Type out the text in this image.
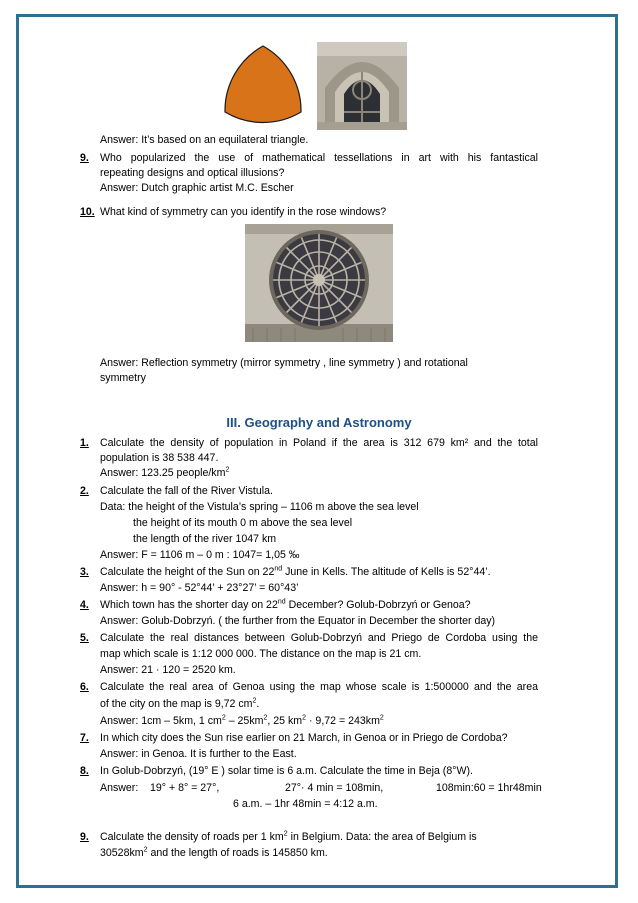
Answer: It’s based on an equilateral triangle.
9. Who popularized the use of mathematical tessellations in art with his fantastical
repeating designs and optical illusions?
Answer: Dutch graphic artist M.C. Escher
10. What kind of symmetry can you identify in the rose windows?
Answer: Reflection symmetry (mirror symmetry , line symmetry ) and rotational
symmetry
III. Geography and Astronomy
1. Calculate the density of population in Poland if the area is 312 679 km² and the total
population is 38 538 447.
Answer: 123.25 people/$km^2$
2. Calculate the fall of the River Vistula.
Data: the height of the Vistula’s spring – 1106 m above the sea level
the height of its mouth 0 m above the sea level
the length of the river 1047 km
Answer: F = 1106 m – 0 m : 1047= 1,05 ‰
3. Calculate the height of the Sun on 22nd June in Kells. The altitude of Kells is 52°44’.
Answer: h = 90° - 52°44’ + 23°27’ = 60°43’
4. Which town has the shorter day on 22nd December? Golub-Dobrzyń or Genoa?
Answer: Golub-Dobrzyń. ( the further from the Equator in December the shorter day)
5. Calculate the real distances between Golub-Dobrzyń and Priego de Cordoba using the
map which scale is 1:12 000 000. The distance on the map is 21 cm.
Answer: 21 · 120 = 2520 km.
6. Calculate the real area of Genoa using the map whose scale is 1:500000 and the area
of the city on the map is 9,72 $cm^2$.
Answer: 1cm – 5km, 1 $cm^2 - 25km^2$, 25 $km^2 \cdot 9,72 = 243km^2$
7. In which city does the Sun rise earlier on 21 March, in Genoa or in Priego de Cordoba?
Answer: in Genoa. It is further to the East.
8. In Golub-Dobrzyń, (19° E ) solar time is 6 a.m. Calculate the time in Beja (8°W).
Answer: 19° + 8° = 27°,	27°· 4 min = 108min,	108min:60 = 1hr48min
6 a.m. – 1hr 48min = 4:12 a.m.
9. Calculate the density of roads per 1 $km^2$ in Belgium. Data: the area of Belgium is
$30528km^2$ and the length of roads is 145850 km.
